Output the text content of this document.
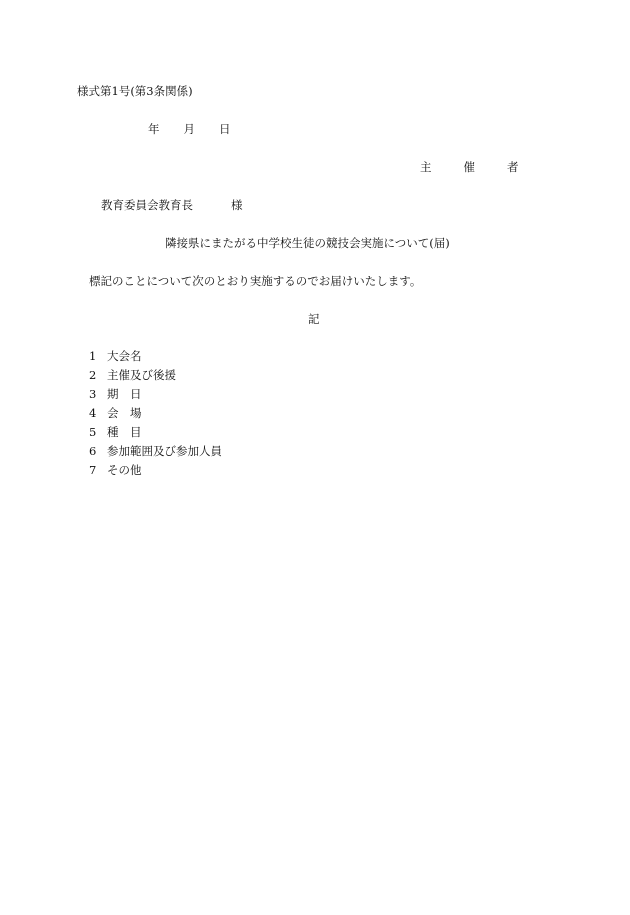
様式第1号(第3条関係)
年 月 日
主	催	者
教育委員会教育長	様
隣接県にまたがる中学校生徒の競技会実施について(届)
標記のことについて次のとおり実施するのでお届けいたします。
記
1 大会名
2 主催及び後援
3 期　日
4 会　場
5 種　目
6 参加範囲及び参加人員
7 その他
